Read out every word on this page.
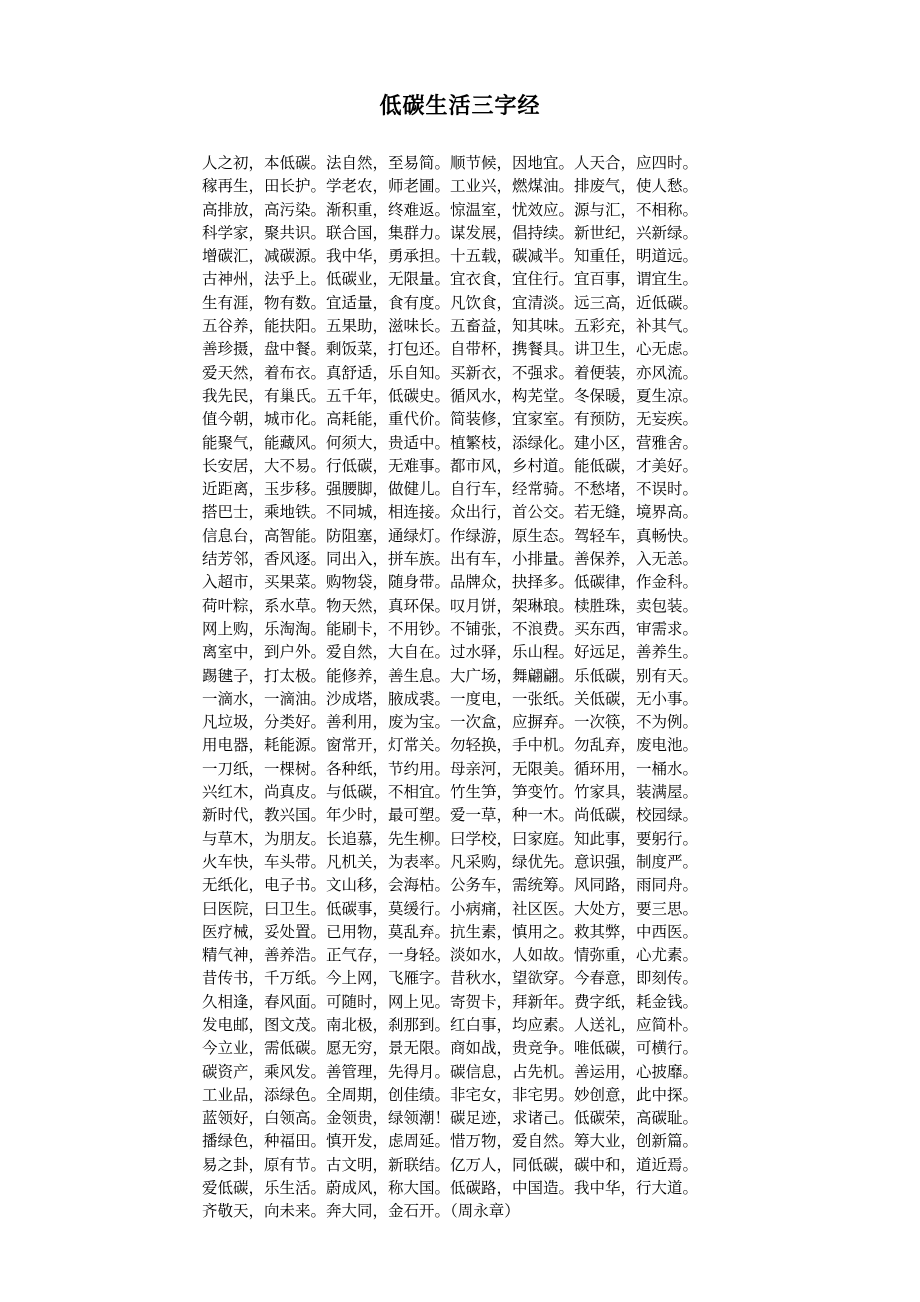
低碳生活三字经
人之初，本低碳。法自然，至易简。顺节候，因地宜。人天合，应四时。
稼再生，田长护。学老农，师老圃。工业兴，燃煤油。排废气，使人愁。
高排放，高污染。渐积重，终难返。惊温室，忧效应。源与汇，不相称。
科学家，聚共识。联合国，集群力。谋发展，倡持续。新世纪，兴新绿。
增碳汇，减碳源。我中华，勇承担。十五载，碳减半。知重任，明道远。
古神州，法乎上。低碳业，无限量。宜衣食，宜住行。宜百事，谓宜生。
生有涯，物有数。宜适量，食有度。凡饮食，宜清淡。远三高，近低碳。
五谷养，能扶阳。五果助，滋味长。五畜益，知其味。五彩充，补其气。
善珍摄，盘中餐。剩饭菜，打包还。自带杯，携餐具。讲卫生，心无虑。
爱天然，着布衣。真舒适，乐自知。买新衣，不强求。着便装，亦风流。
我先民，有巢氏。五千年，低碳史。循风水，构芜堂。冬保暖，夏生凉。
值今朝，城市化。高耗能，重代价。简装修，宜家室。有预防，无妄疾。
能聚气，能藏风。何须大，贵适中。植繁枝，添绿化。建小区，营雅舍。
长安居，大不易。行低碳，无难事。都市风，乡村道。能低碳，才美好。
近距离，玉步移。强腰脚，做健儿。自行车，经常骑。不愁堵，不误时。
搭巴士，乘地铁。不同城，相连接。众出行，首公交。若无缝，境界高。
信息台，高智能。防阻塞，通绿灯。作绿游，原生态。驾轻车，真畅快。
结芳邻，香风逐。同出入，拼车族。出有车，小排量。善保养，入无恙。
入超市，买果菜。购物袋，随身带。品牌众，抉择多。低碳律，作金科。
荷叶粽，系水草。物天然，真环保。叹月饼，架琳琅。椟胜珠，卖包装。
网上购，乐淘淘。能刷卡，不用钞。不铺张，不浪费。买东西，审需求。
离室中，到户外。爱自然，大自在。过水驿，乐山程。好远足，善养生。
踢毽子，打太极。能修养，善生息。大广场，舞翩翩。乐低碳，别有天。
一滴水，一滴油。沙成塔，腋成裘。一度电，一张纸。关低碳，无小事。
凡垃圾，分类好。善利用，废为宝。一次盒，应摒弃。一次筷，不为例。
用电器，耗能源。窗常开，灯常关。勿轻换，手中机。勿乱弃，废电池。
一刀纸，一棵树。各种纸，节约用。母亲河，无限美。循环用，一桶水。
兴红木，尚真皮。与低碳，不相宜。竹生笋，笋变竹。竹家具，装满屋。
新时代，教兴国。年少时，最可塑。爱一草，种一木。尚低碳，校园绿。
与草木，为朋友。长追慕，先生柳。曰学校，曰家庭。知此事，要躬行。
火车快，车头带。凡机关，为表率。凡采购，绿优先。意识强，制度严。
无纸化，电子书。文山移，会海枯。公务车，需统筹。风同路，雨同舟。
曰医院，曰卫生。低碳事，莫缓行。小病痛，社区医。大处方，要三思。
医疗械，妥处置。已用物，莫乱弃。抗生素，慎用之。救其弊，中西医。
精气神，善养浩。正气存，一身轻。淡如水，人如故。情弥重，心尤素。
昔传书，千万纸。今上网，飞雁字。昔秋水，望欲穿。今春意，即刻传。
久相逢，春风面。可随时，网上见。寄贺卡，拜新年。费字纸，耗金钱。
发电邮，图文茂。南北极，刹那到。红白事，均应素。人送礼，应简朴。
今立业，需低碳。愿无穷，景无限。商如战，贵竞争。唯低碳，可横行。
碳资产，乘风发。善管理，先得月。碳信息，占先机。善运用，心披靡。
工业品，添绿色。全周期，创佳绩。非宅女，非宅男。妙创意，此中探。
蓝领好，白领高。金领贵，绿领潮！碳足迹，求诸己。低碳荣，高碳耻。
播绿色，种福田。慎开发，虑周延。惜万物，爱自然。筹大业，创新篇。
易之卦，原有节。古文明，新联结。亿万人，同低碳，碳中和，道近焉。
爱低碳，乐生活。蔚成风，称大国。低碳路，中国造。我中华，行大道。
齐敬天，向未来。奔大同，金石开。（周永章）
